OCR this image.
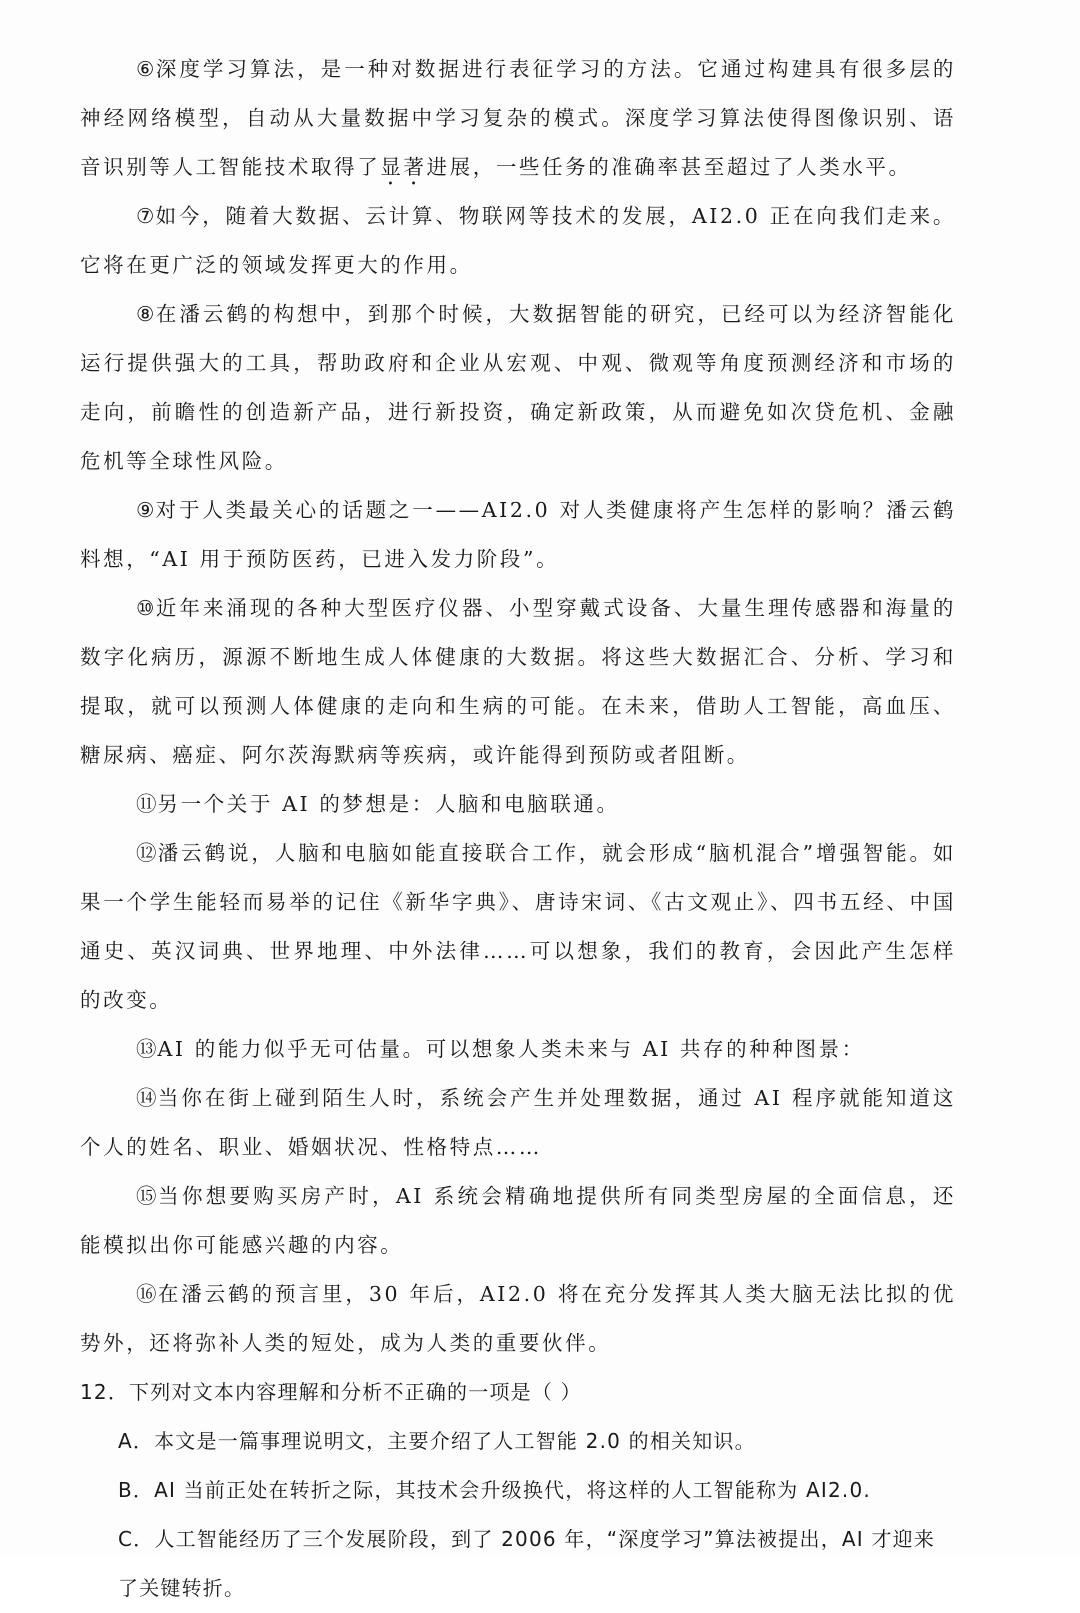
⑥深度学习算法，是一种对数据进行表征学习的方法。它通过构建具有很多层的神经网络模型，自动从大量数据中学习复杂的模式。深度学习算法使得图像识别、语音识别等人工智能技术取得了显著进展，一些任务的准确率甚至超过了人类水平。

⑦如今，随着大数据、云计算、物联网等技术的发展，AI2.0 正在向我们走来。它将在更广泛的领域发挥更大的作用。

⑧在潘云鹤的构想中，到那个时候，大数据智能的研究，已经可以为经济智能化运行提供强大的工具，帮助政府和企业从宏观、中观、微观等角度预测经济和市场的走向，前瞻性的创造新产品，进行新投资，确定新政策，从而避免如次贷危机、金融危机等全球性风险。

⑨对于人类最关心的话题之一——AI2.0 对人类健康将产生怎样的影响？潘云鹤料想，“AI 用于预防医药，已进入发力阶段”。

⑩近年来涌现的各种大型医疗仪器、小型穿戴式设备、大量生理传感器和海量的数字化病历，源源不断地生成人体健康的大数据。将这些大数据汇合、分析、学习和提取，就可以预测人体健康的走向和生病的可能。在未来，借助人工智能，高血压、糖尿病、癌症、阿尔茨海默病等疾病，或许能得到预防或者阻断。

⑪另一个关于 AI 的梦想是：人脑和电脑联通。

⑫潘云鹤说，人脑和电脑如能直接联合工作，就会形成“脑机混合”增强智能。如果一个学生能轻而易举的记住《新华字典》、唐诗宋词、《古文观止》、四书五经、中国通史、英汉词典、世界地理、中外法律……可以想象，我们的教育，会因此产生怎样的改变。

⑬AI 的能力似乎无可估量。可以想象人类未来与 AI 共存的种种图景：

⑭当你在街上碰到陌生人时，系统会产生并处理数据，通过 AI 程序就能知道这个人的姓名、职业、婚姻状况、性格特点……

⑮当你想要购买房产时，AI 系统会精确地提供所有同类型房屋的全面信息，还能模拟出你可能感兴趣的内容。

⑯在潘云鹤的预言里，30 年后，AI2.0 将在充分发挥其人类大脑无法比拟的优势外，还将弥补人类的短处，成为人类的重要伙伴。

12．下列对文本内容理解和分析不正确的一项是（ ）

A．本文是一篇事理说明文，主要介绍了人工智能 2.0 的相关知识。

B．AI 当前正处在转折之际，其技术会升级换代，将这样的人工智能称为 AI2.0.

C．人工智能经历了三个发展阶段，到了 2006 年，“深度学习”算法被提出，AI 才迎来
了关键转折。
